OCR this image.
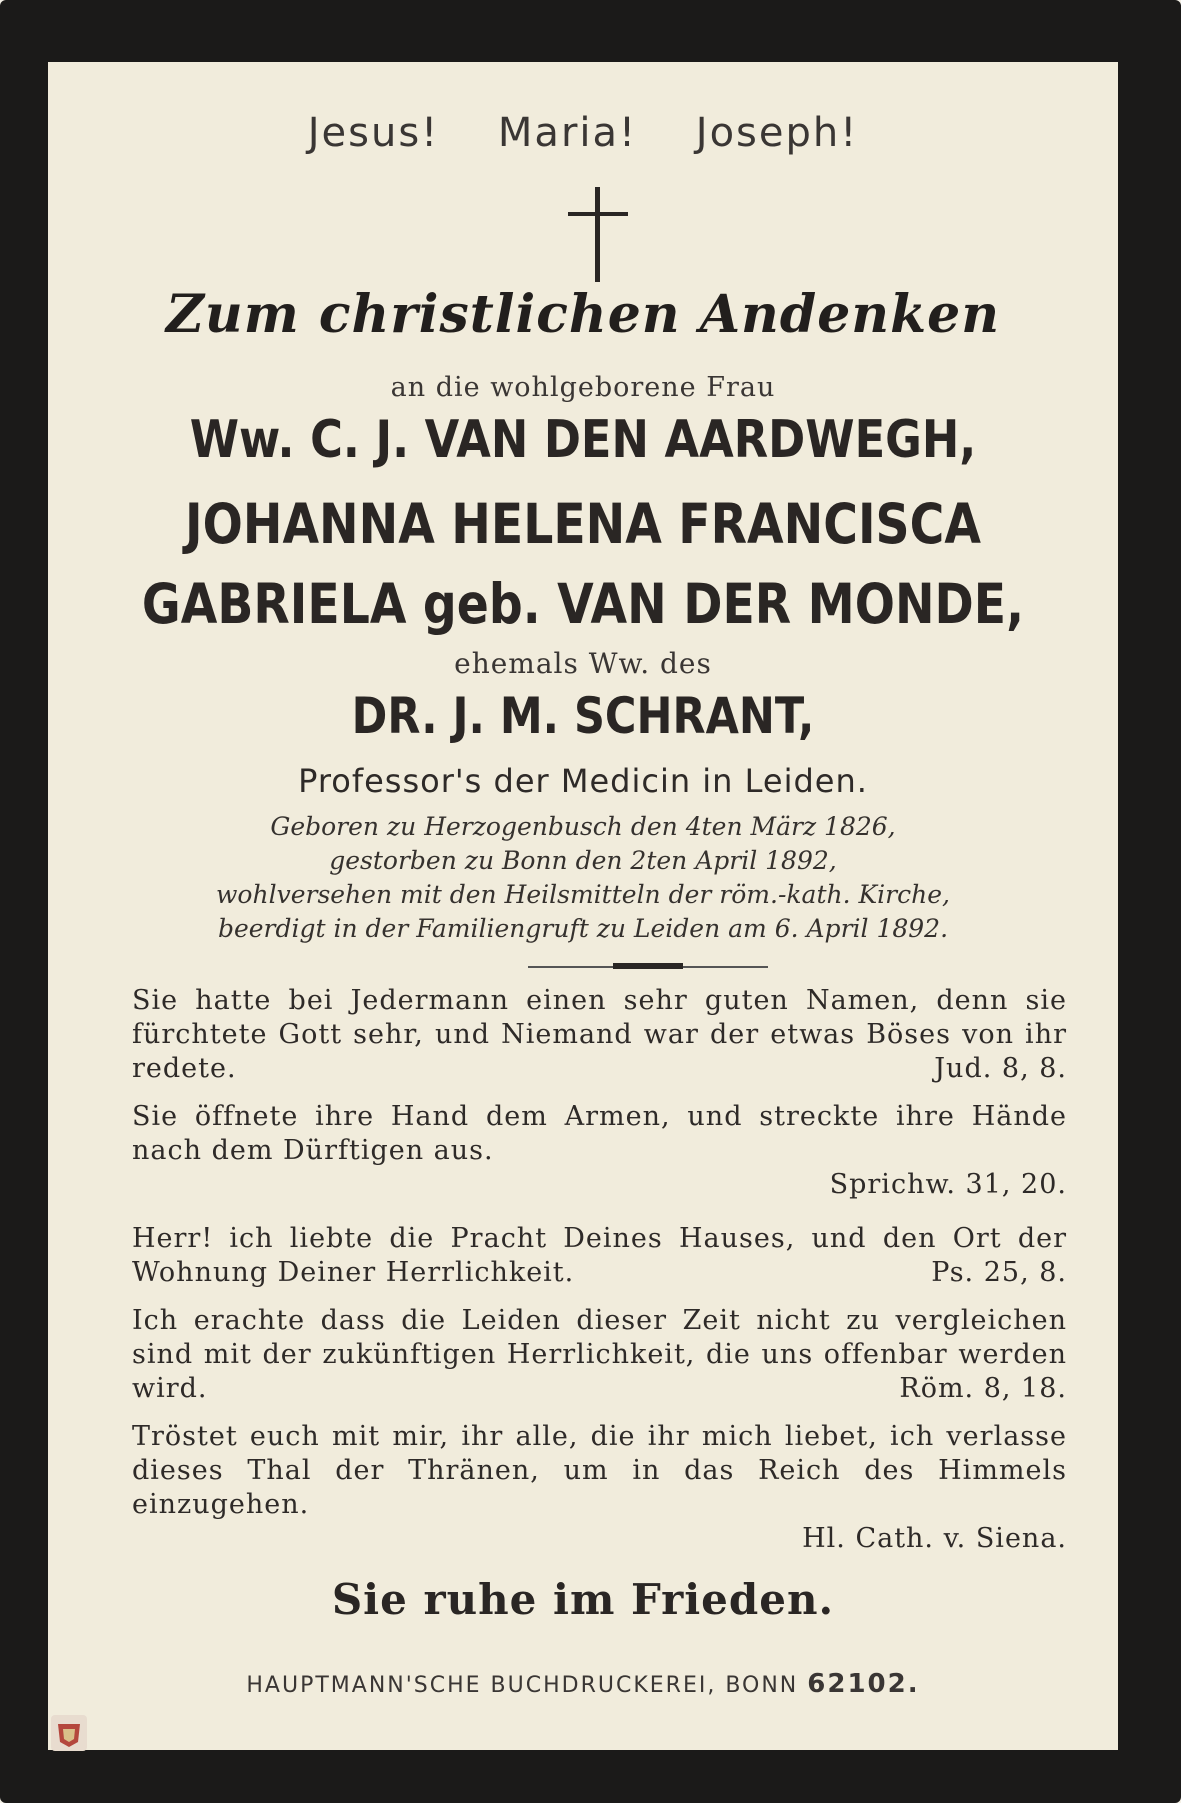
Jesus! Maria! Joseph!
Zum christlichen Andenken
an die wohlgeborene Frau
Ww. C. J. VAN DEN AARDWEGH,
JOHANNA HELENA FRANCISCA
GABRIELA geb. VAN DER MONDE,
ehemals Ww. des
DR. J. M. SCHRANT,
Professor's der Medicin in Leiden.
Geboren zu Herzogenbusch den 4ten März 1826,
gestorben zu Bonn den 2ten April 1892,
wohlversehen mit den Heilsmitteln der röm.-kath. Kirche,
beerdigt in der Familiengruft zu Leiden am 6. April 1892.
Sie hatte bei Jedermann einen sehr guten Namen, denn sie fürchtete Gott sehr, und Niemand war der etwas Böses von ihr redete.	Jud. 8, 8.
Sie öffnete ihre Hand dem Armen, und streckte ihre Hände nach dem Dürftigen aus.

Sprichw. 31, 20.
Herr! ich liebte die Pracht Deines Hauses, und den Ort der Wohnung Deiner Herrlichkeit.	Ps. 25, 8.
Ich erachte dass die Leiden dieser Zeit nicht zu vergleichen sind mit der zukünftigen Herrlichkeit, die uns offenbar werden wird.	Röm. 8, 18.
Tröstet euch mit mir, ihr alle, die ihr mich liebet, ich verlasse dieses Thal der Thränen, um in das Reich des Himmels einzugehen.

Hl. Cath. v. Siena.
Sie ruhe im Frieden.
HAUPTMANN'SCHE BUCHDRUCKEREI, BONN 62102.
